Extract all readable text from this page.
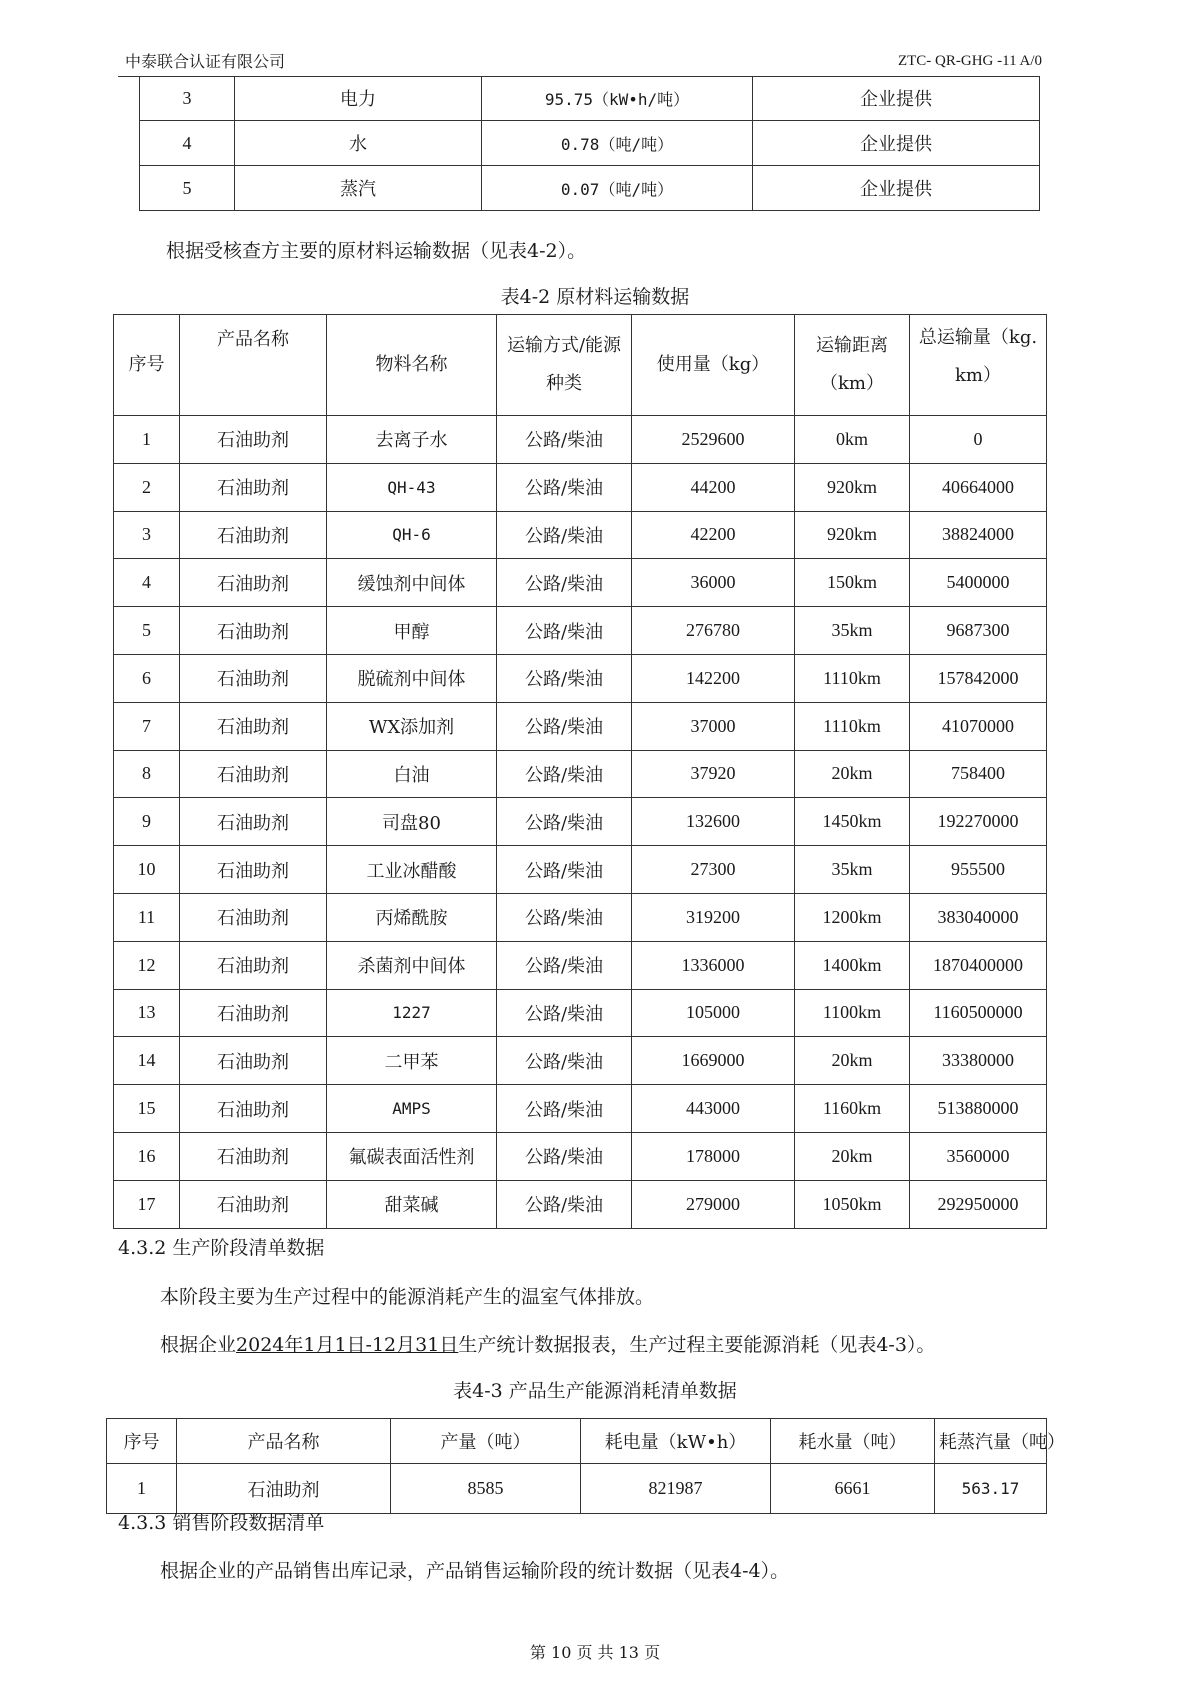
中泰联合认证有限公司	ZTC- QR-GHG -11 A/0
3	电力	95.75（kW•h/吨）	企业提供
4	水	0.78（吨/吨）	企业提供
5	蒸汽	0.07（吨/吨）	企业提供
根据受核查方主要的原材料运输数据（见表4-2）。
表4-2 原材料运输数据
序号	产品名称	物料名称	运输方式/能源种类	使用量（kg）	运输距离（km）	总运输量（kg. km）
1	石油助剂	去离子水	公路/柴油	2529600	0km	0
2	石油助剂	QH-43	公路/柴油	44200	920km	40664000
3	石油助剂	QH-6	公路/柴油	42200	920km	38824000
4	石油助剂	缓蚀剂中间体	公路/柴油	36000	150km	5400000
5	石油助剂	甲醇	公路/柴油	276780	35km	9687300
6	石油助剂	脱硫剂中间体	公路/柴油	142200	1110km	157842000
7	石油助剂	WX添加剂	公路/柴油	37000	1110km	41070000
8	石油助剂	白油	公路/柴油	37920	20km	758400
9	石油助剂	司盘80	公路/柴油	132600	1450km	192270000
10	石油助剂	工业冰醋酸	公路/柴油	27300	35km	955500
11	石油助剂	丙烯酰胺	公路/柴油	319200	1200km	383040000
12	石油助剂	杀菌剂中间体	公路/柴油	1336000	1400km	1870400000
13	石油助剂	1227	公路/柴油	105000	1100km	1160500000
14	石油助剂	二甲苯	公路/柴油	1669000	20km	33380000
15	石油助剂	AMPS	公路/柴油	443000	1160km	513880000
16	石油助剂	氟碳表面活性剂	公路/柴油	178000	20km	3560000
17	石油助剂	甜菜碱	公路/柴油	279000	1050km	292950000
4.3.2 生产阶段清单数据
本阶段主要为生产过程中的能源消耗产生的温室气体排放。
根据企业2024年1月1日-12月31日生产统计数据报表，生产过程主要能源消耗（见表4-3）。
表4-3 产品生产能源消耗清单数据
序号	产品名称	产量（吨）	耗电量（kW•h）	耗水量（吨）	耗蒸汽量（吨）
1	石油助剂	8585	821987	6661	563.17
4.3.3 销售阶段数据清单
根据企业的产品销售出库记录，产品销售运输阶段的统计数据（见表4-4）。
第 10 页 共 13 页
